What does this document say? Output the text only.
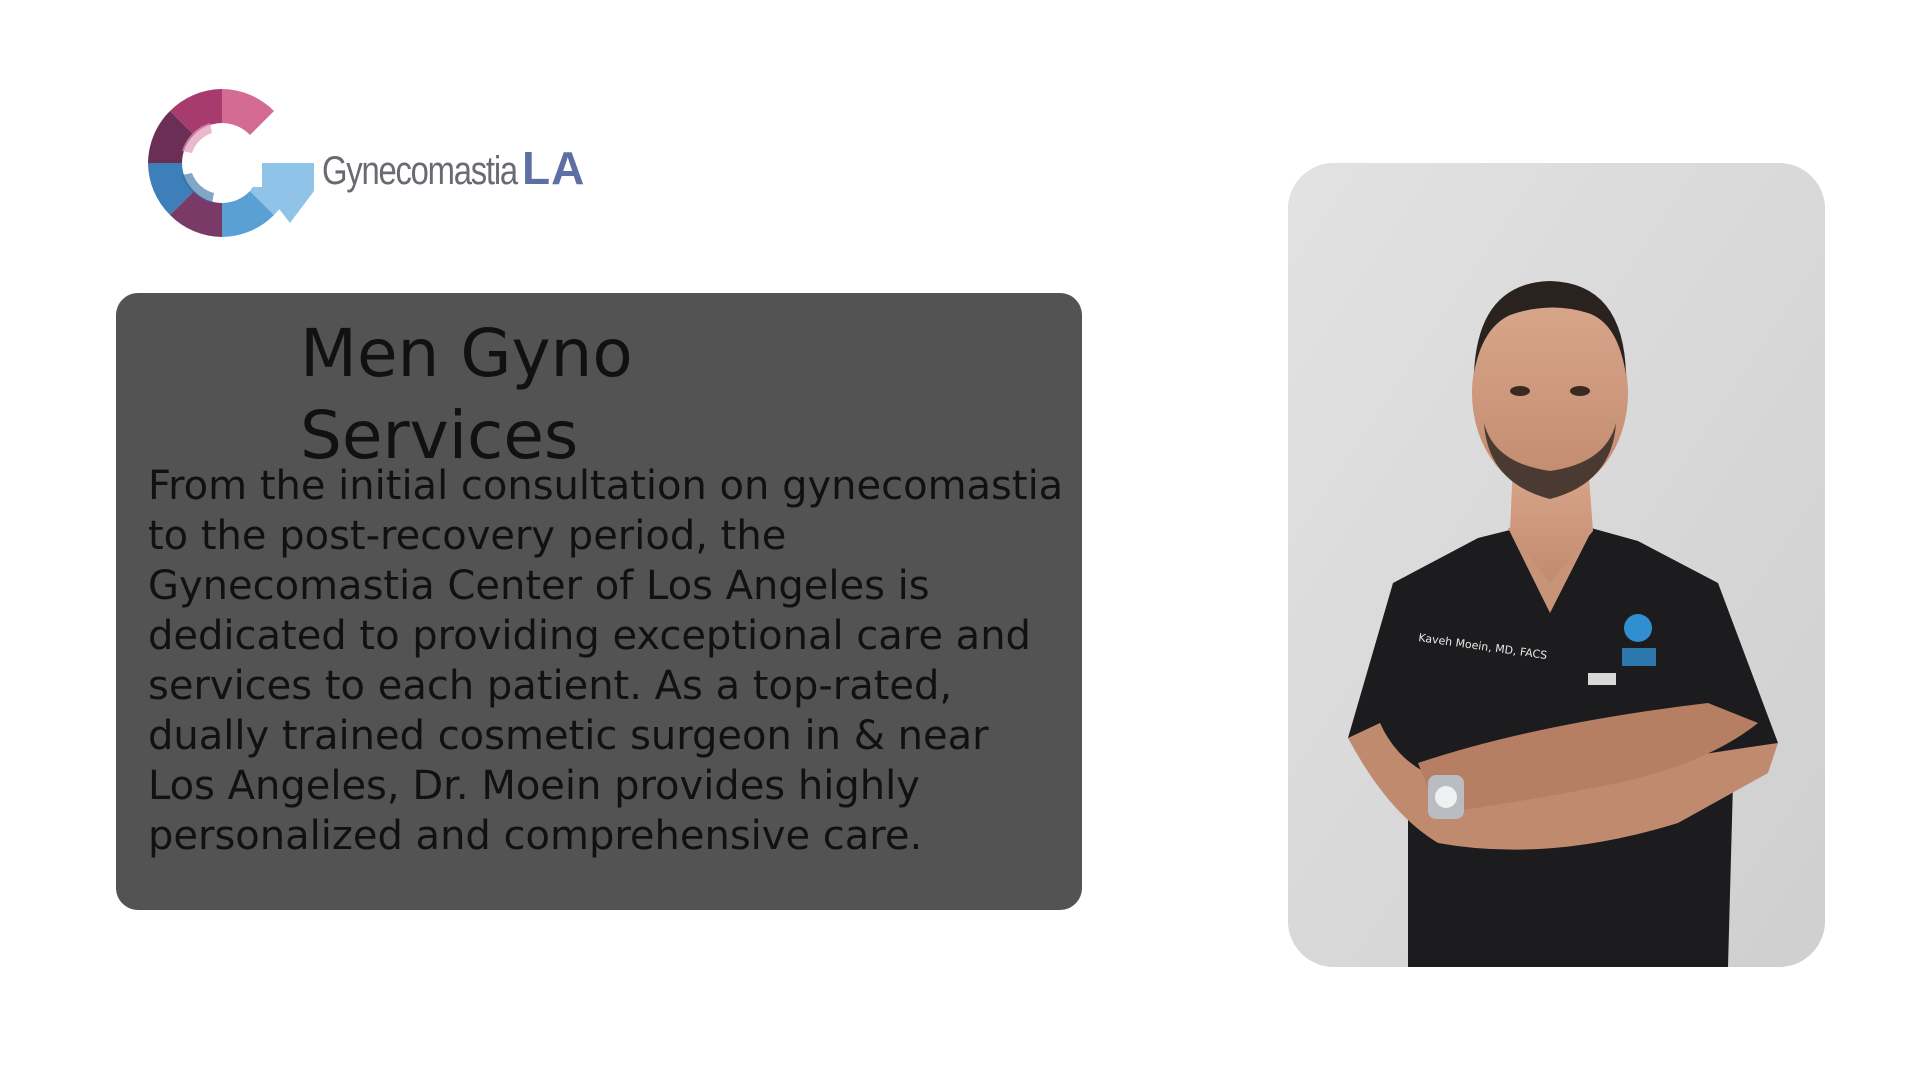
Gynecomastia LA
Men Gyno Services

From the initial consultation on gynecomastia to the post-recovery period, the Gynecomastia Center of Los Angeles is dedicated to providing exceptional care and services to each patient. As a top-rated, dually trained cosmetic surgeon in & near Los Angeles, Dr. Moein provides highly personalized and comprehensive care.

Kaveh Moein, MD, FACS
